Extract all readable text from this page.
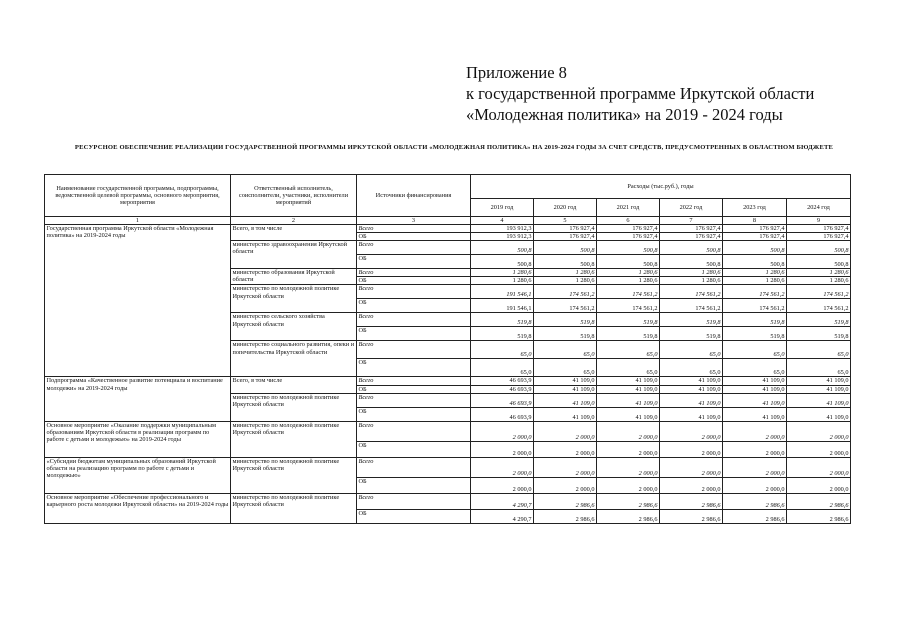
Приложение 8
к государственной программе Иркутской области
«Молодежная политика» на 2019 - 2024 годы
РЕСУРСНОЕ ОБЕСПЕЧЕНИЕ РЕАЛИЗАЦИИ ГОСУДАРСТВЕННОЙ ПРОГРАММЫ ИРКУТСКОЙ ОБЛАСТИ «МОЛОДЕЖНАЯ ПОЛИТИКА» НА 2019-2024 ГОДЫ ЗА СЧЕТ СРЕДСТВ, ПРЕДУСМОТРЕННЫХ В ОБЛАСТНОМ БЮДЖЕТЕ
Наименование государственной программы, подпрограммы, ведомственной целевой программы, основного мероприятия, мероприятия	Ответственный исполнитель, соисполнители, участники, исполнители мероприятий	Источники финансирования	Расходы (тыс.руб.), годы					
			2019 год	2020 год	2021 год	2022 год	2023 год	2024 год
1	2	3	4	5	6	7	8	9
Государственная программа Иркутской области «Молодежная политика» на 2019-2024 годы	Всего, в том числе	Всего	193 912,3	176 927,4	176 927,4	176 927,4	176 927,4	176 927,4
		ОБ	193 912,3	176 927,4	176 927,4	176 927,4	176 927,4	176 927,4
	министерство здравоохранения Иркутской области	Всего	500,8	500,8	500,8	500,8	500,8	500,8
		ОБ	500,8	500,8	500,8	500,8	500,8	500,8
	министерство образования Иркутской области	Всего	1 280,6	1 280,6	1 280,6	1 280,6	1 280,6	1 280,6
		ОБ	1 280,6	1 280,6	1 280,6	1 280,6	1 280,6	1 280,6
	министерство по молодежной политике Иркутской области	Всего	191 546,1	174 561,2	174 561,2	174 561,2	174 561,2	174 561,2
		ОБ	191 546,1	174 561,2	174 561,2	174 561,2	174 561,2	174 561,2
	министерство сельского хозяйства Иркутской области	Всего	519,8	519,8	519,8	519,8	519,8	519,8
		ОБ	519,8	519,8	519,8	519,8	519,8	519,8
	министерство социального развития, опеки и попечительства Иркутской области	Всего	65,0	65,0	65,0	65,0	65,0	65,0
		ОБ	65,0	65,0	65,0	65,0	65,0	65,0
Подпрограмма «Качественное развитие потенциала и воспитание молодежи» на 2019-2024 годы	Всего, в том числе	Всего	46 693,9	41 109,0	41 109,0	41 109,0	41 109,0	41 109,0
		ОБ	46 693,9	41 109,0	41 109,0	41 109,0	41 109,0	41 109,0
	министерство по молодежной политике Иркутской области	Всего	46 693,9	41 109,0	41 109,0	41 109,0	41 109,0	41 109,0
		ОБ	46 693,9	41 109,0	41 109,0	41 109,0	41 109,0	41 109,0
Основное мероприятие «Оказание поддержки муниципальным образованиям Иркутской области в реализации программ по работе с детьми и молодежью» на 2019-2024 годы	министерство по молодежной политике Иркутской области	Всего	2 000,0	2 000,0	2 000,0	2 000,0	2 000,0	2 000,0
		ОБ	2 000,0	2 000,0	2 000,0	2 000,0	2 000,0	2 000,0
«Субсидии бюджетам муниципальных образований Иркутской области на реализацию программ по работе с детьми и молодежью»	министерство по молодежной политике Иркутской области	Всего	2 000,0	2 000,0	2 000,0	2 000,0	2 000,0	2 000,0
		ОБ	2 000,0	2 000,0	2 000,0	2 000,0	2 000,0	2 000,0
Основное мероприятие «Обеспечение профессионального и карьерного роста молодежи Иркутской области» на 2019-2024 годы	министерство по молодежной политике Иркутской области	Всего	4 290,7	2 986,6	2 986,6	2 986,6	2 986,6	2 986,6
		ОБ	4 290,7	2 986,6	2 986,6	2 986,6	2 986,6	2 986,6
